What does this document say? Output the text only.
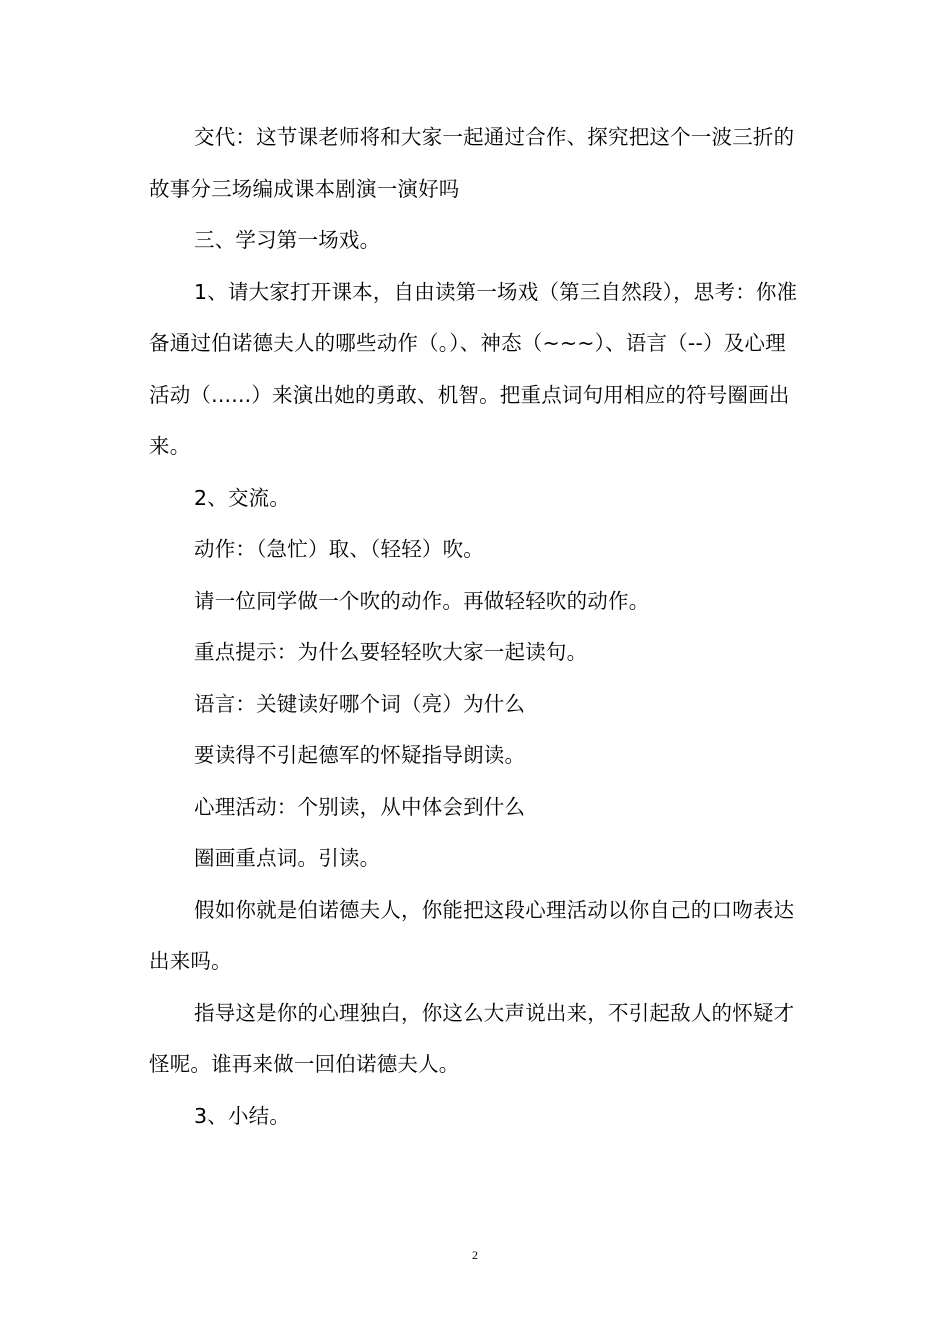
交代：这节课老师将和大家一起通过合作、探究把这个一波三折的故事分三场编成课本剧演一演好吗

三、学习第一场戏。

1、请大家打开课本，自由读第一场戏（第三自然段），思考：你准备通过伯诺德夫人的哪些动作（。）、神态（~~~）、语言（--）及心理活动（......）来演出她的勇敢、机智。把重点词句用相应的符号圈画出来。

2、交流。

动作：（急忙）取、（轻轻）吹。

请一位同学做一个吹的动作。再做轻轻吹的动作。

重点提示：为什么要轻轻吹大家一起读句。

语言：关键读好哪个词（亮）为什么

要读得不引起德军的怀疑指导朗读。

心理活动：个别读，从中体会到什么

圈画重点词。引读。

假如你就是伯诺德夫人，你能把这段心理活动以你自己的口吻表达出来吗。

指导这是你的心理独白，你这么大声说出来，不引起敌人的怀疑才怪呢。谁再来做一回伯诺德夫人。

3、小结。

2
